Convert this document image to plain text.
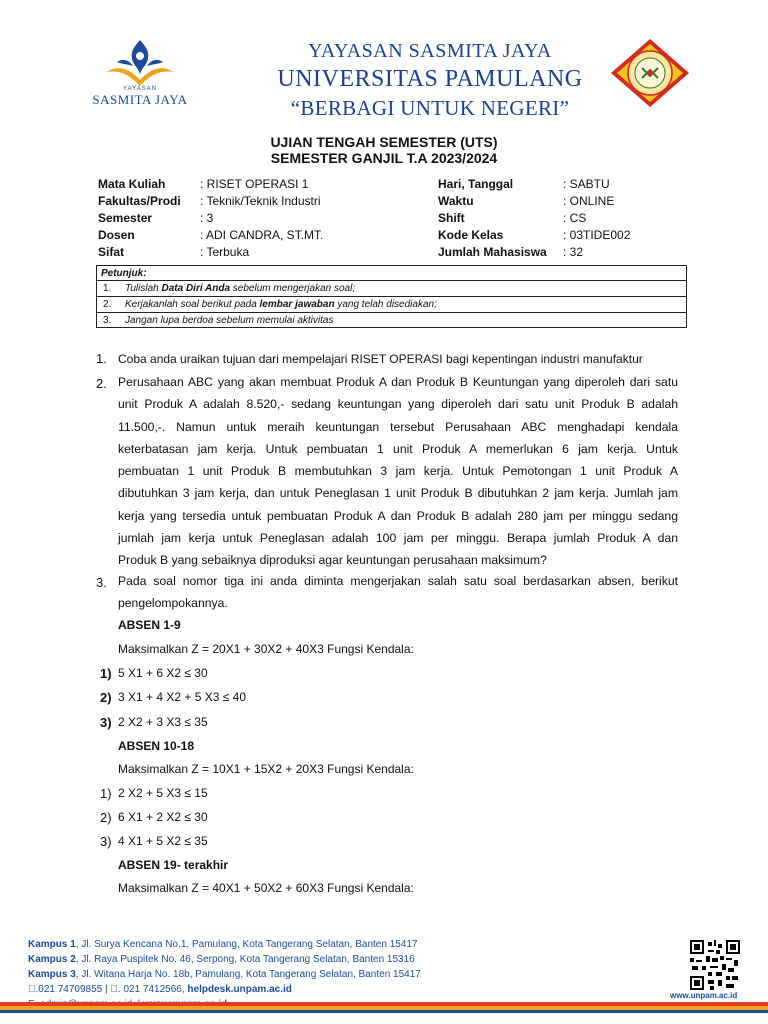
YAYASAN
SASMITA JAYA
YAYASAN SASMITA JAYA
UNIVERSITAS PAMULANG
“BERBAGI UNTUK NEGERI”
UJIAN TENGAH SEMESTER (UTS)
SEMESTER GANJIL T.A 2023/2024
Mata Kuliah	: RISET OPERASI 1
Fakultas/Prodi	: Teknik/Teknik Industri
Semester	: 3
Dosen	: ADI CANDRA, ST.MT.
Sifat	: Terbuka
Hari, Tanggal	: SABTU
Waktu	: ONLINE
Shift	: CS
Kode Kelas	: 03TIDE002
Jumlah Mahasiswa	: 32
Petunjuk:
1.	Tulislah Data Diri Anda sebelum mengerjakan soal;
2.	Kerjakanlah soal berikut pada lembar jawaban yang telah disediakan;
3.	Jangan lupa berdoa sebelum memulai aktivitas
1. Coba anda uraikan tujuan dari mempelajari RISET OPERASI bagi kepentingan industri manufaktur
2. Perusahaan ABC yang akan membuat Produk A dan Produk B Keuntungan yang diperoleh dari satu
unit Produk A adalah 8.520,- sedang keuntungan yang diperoleh dari satu unit Produk B adalah
11.500,-. Namun untuk meraih keuntungan tersebut Perusahaan ABC menghadapi kendala
keterbatasan jam kerja. Untuk pembuatan 1 unit Produk A memerlukan 6 jam kerja. Untuk
pembuatan 1 unit Produk B membutuhkan 3 jam kerja. Untuk Pemotongan 1 unit Produk A
dibutuhkan 3 jam kerja, dan untuk Peneglasan 1 unit Produk B dibutuhkan 2 jam kerja. Jumlah jam
kerja yang tersedia untuk pembuatan Produk A dan Produk B adalah 280 jam per minggu sedang
jumlah jam kerja untuk Peneglasan adalah 100 jam per minggu. Berapa jumlah Produk A dan
Produk B yang sebaiknya diproduksi agar keuntungan perusahaan maksimum?
3. Pada soal nomor tiga ini anda diminta mengerjakan salah satu soal berdasarkan absen, berikut
pengelompokannya.
ABSEN 1-9
Maksimalkan Z = 20X1 + 30X2 + 40X3 Fungsi Kendala:
1) 5 X1 + 6 X2 ≤ 30
2) 3 X1 + 4 X2 + 5 X3 ≤ 40
3) 2 X2 + 3 X3 ≤ 35
ABSEN 10-18
Maksimalkan Z = 10X1 + 15X2 + 20X3 Fungsi Kendala:
1) 2 X2 + 5 X3 ≤ 15
2) 6 X1 + 2 X2 ≤ 30
3) 4 X1 + 5 X2 ≤ 35
ABSEN 19- terakhir
Maksimalkan Z = 40X1 + 50X2 + 60X3 Fungsi Kendala:
Kampus 1, Jl. Surya Kencana No.1, Pamulang, Kota Tangerang Selatan, Banten 15417
Kampus 2, Jl. Raya Puspitek No. 46, Serpong, Kota Tangerang Selatan, Banten 15316
Kampus 3, Jl. Witana Harja No. 18b, Pamulang, Kota Tangerang Selatan, Banten 15417
.021 74709855 | . 021 7412566, helpdesk.unpam.ac.id
www.unpam.ac.id
